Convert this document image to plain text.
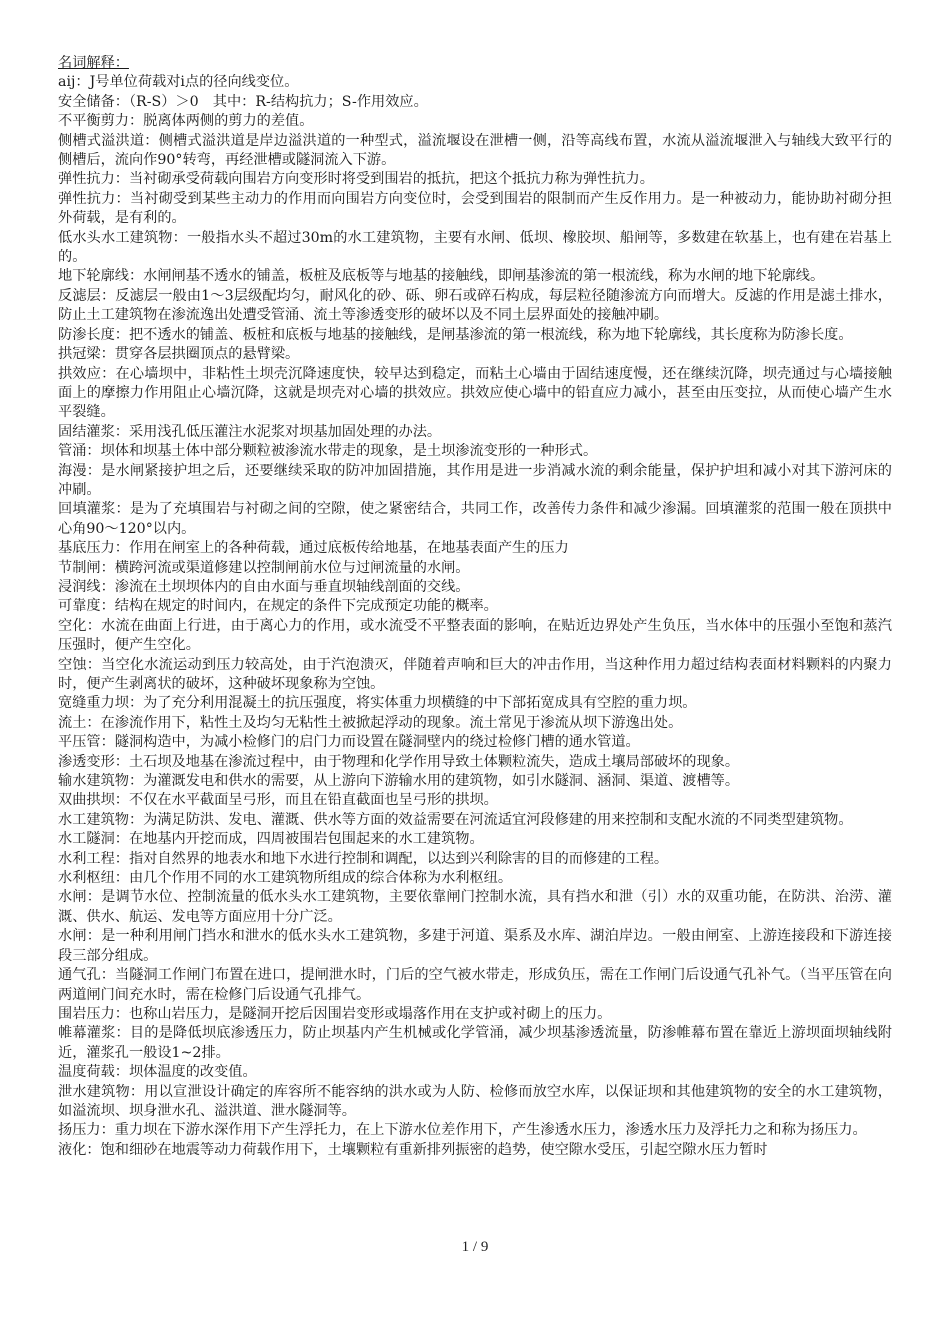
名词解释：

aij：J号单位荷载对i点的径向线变位。

安全储备：（R-S）＞0　其中：R-结构抗力；S-作用效应。

不平衡剪力：脱离体两侧的剪力的差值。

侧槽式溢洪道：侧槽式溢洪道是岸边溢洪道的一种型式，溢流堰设在泄槽一侧，沿等高线布置，水流从溢流堰泄入与轴线大致平行的侧槽后，流向作90°转弯，再经泄槽或隧洞流入下游。

弹性抗力：当衬砌承受荷载向围岩方向变形时将受到围岩的抵抗，把这个抵抗力称为弹性抗力。

弹性抗力：当衬砌受到某些主动力的作用而向围岩方向变位时，会受到围岩的限制而产生反作用力。是一种被动力，能协助衬砌分担外荷载，是有利的。

低水头水工建筑物：一般指水头不超过30m的水工建筑物，主要有水闸、低坝、橡胶坝、船闸等，多数建在软基上，也有建在岩基上的。

地下轮廓线：水闸闸基不透水的铺盖，板桩及底板等与地基的接触线，即闸基渗流的第一根流线，称为水闸的地下轮廓线。

反滤层：反滤层一般由1～3层级配均匀，耐风化的砂、砾、卵石或碎石构成，每层粒径随渗流方向而增大。反滤的作用是滤土排水，防止土工建筑物在渗流逸出处遭受管涌、流土等渗透变形的破坏以及不同土层界面处的接触冲刷。

防渗长度：把不透水的铺盖、板桩和底板与地基的接触线，是闸基渗流的第一根流线，称为地下轮廓线，其长度称为防渗长度。

拱冠梁：贯穿各层拱圈顶点的悬臂梁。

拱效应：在心墙坝中，非粘性土坝壳沉降速度快，较早达到稳定，而粘土心墙由于固结速度慢，还在继续沉降，坝壳通过与心墙接触面上的摩擦力作用阻止心墙沉降，这就是坝壳对心墙的拱效应。拱效应使心墙中的铅直应力减小，甚至由压变拉，从而使心墙产生水平裂缝。

固结灌浆：采用浅孔低压灌注水泥浆对坝基加固处理的办法。

管涌：坝体和坝基土体中部分颗粒被渗流水带走的现象，是土坝渗流变形的一种形式。

海漫：是水闸紧接护坦之后，还要继续采取的防冲加固措施，其作用是进一步消减水流的剩余能量，保护护坦和减小对其下游河床的冲刷。

回填灌浆：是为了充填围岩与衬砌之间的空隙，使之紧密结合，共同工作，改善传力条件和减少渗漏。回填灌浆的范围一般在顶拱中心角90～120°以内。

基底压力：作用在闸室上的各种荷载，通过底板传给地基，在地基表面产生的压力

节制闸：横跨河流或渠道修建以控制闸前水位与过闸流量的水闸。

浸润线：渗流在土坝坝体内的自由水面与垂直坝轴线剖面的交线。

可靠度：结构在规定的时间内，在规定的条件下完成预定功能的概率。

空化：水流在曲面上行进，由于离心力的作用，或水流受不平整表面的影响，在贴近边界处产生负压，当水体中的压强小至饱和蒸汽压强时，便产生空化。

空蚀：当空化水流运动到压力较高处，由于汽泡溃灭，伴随着声响和巨大的冲击作用，当这种作用力超过结构表面材料颗料的内聚力时，便产生剥离状的破坏，这种破坏现象称为空蚀。

宽缝重力坝：为了充分利用混凝土的抗压强度，将实体重力坝横缝的中下部拓宽成具有空腔的重力坝。

流土：在渗流作用下，粘性土及均匀无粘性土被掀起浮动的现象。流土常见于渗流从坝下游逸出处。

平压管：隧洞构造中，为减小检修门的启门力而设置在隧洞壁内的绕过检修门槽的通水管道。

渗透变形：土石坝及地基在渗流过程中，由于物理和化学作用导致土体颗粒流失，造成土壤局部破坏的现象。

输水建筑物：为灌溉发电和供水的需要，从上游向下游输水用的建筑物，如引水隧洞、涵洞、渠道、渡槽等。

双曲拱坝：不仅在水平截面呈弓形，而且在铅直截面也呈弓形的拱坝。

水工建筑物：为满足防洪、发电、灌溉、供水等方面的效益需要在河流适宜河段修建的用来控制和支配水流的不同类型建筑物。

水工隧洞：在地基内开挖而成，四周被围岩包围起来的水工建筑物。

水利工程：指对自然界的地表水和地下水进行控制和调配，以达到兴利除害的目的而修建的工程。

水利枢纽：由几个作用不同的水工建筑物所组成的综合体称为水利枢纽。

水闸：是调节水位、控制流量的低水头水工建筑物，主要依靠闸门控制水流，具有挡水和泄（引）水的双重功能，在防洪、治涝、灌溉、供水、航运、发电等方面应用十分广泛。

水闸：是一种利用闸门挡水和泄水的低水头水工建筑物，多建于河道、渠系及水库、湖泊岸边。一般由闸室、上游连接段和下游连接段三部分组成。

通气孔：当隧洞工作闸门布置在进口，提闸泄水时，门后的空气被水带走，形成负压，需在工作闸门后设通气孔补气。（当平压管在向两道闸门间充水时，需在检修门后设通气孔排气。

围岩压力：也称山岩压力，是隧洞开挖后因围岩变形或塌落作用在支护或衬砌上的压力。

帷幕灌浆：目的是降低坝底渗透压力，防止坝基内产生机械或化学管涌，减少坝基渗透流量，防渗帷幕布置在靠近上游坝面坝轴线附近，灌浆孔一般设1~2排。

温度荷载：坝体温度的改变值。

泄水建筑物：用以宣泄设计确定的库容所不能容纳的洪水或为人防、检修而放空水库，以保证坝和其他建筑物的安全的水工建筑物，如溢流坝、坝身泄水孔、溢洪道、泄水隧洞等。

扬压力：重力坝在下游水深作用下产生浮托力，在上下游水位差作用下，产生渗透水压力，渗透水压力及浮托力之和称为扬压力。

液化：饱和细砂在地震等动力荷载作用下，土壤颗粒有重新排列振密的趋势，使空隙水受压，引起空隙水压力暂时

1 / 9
